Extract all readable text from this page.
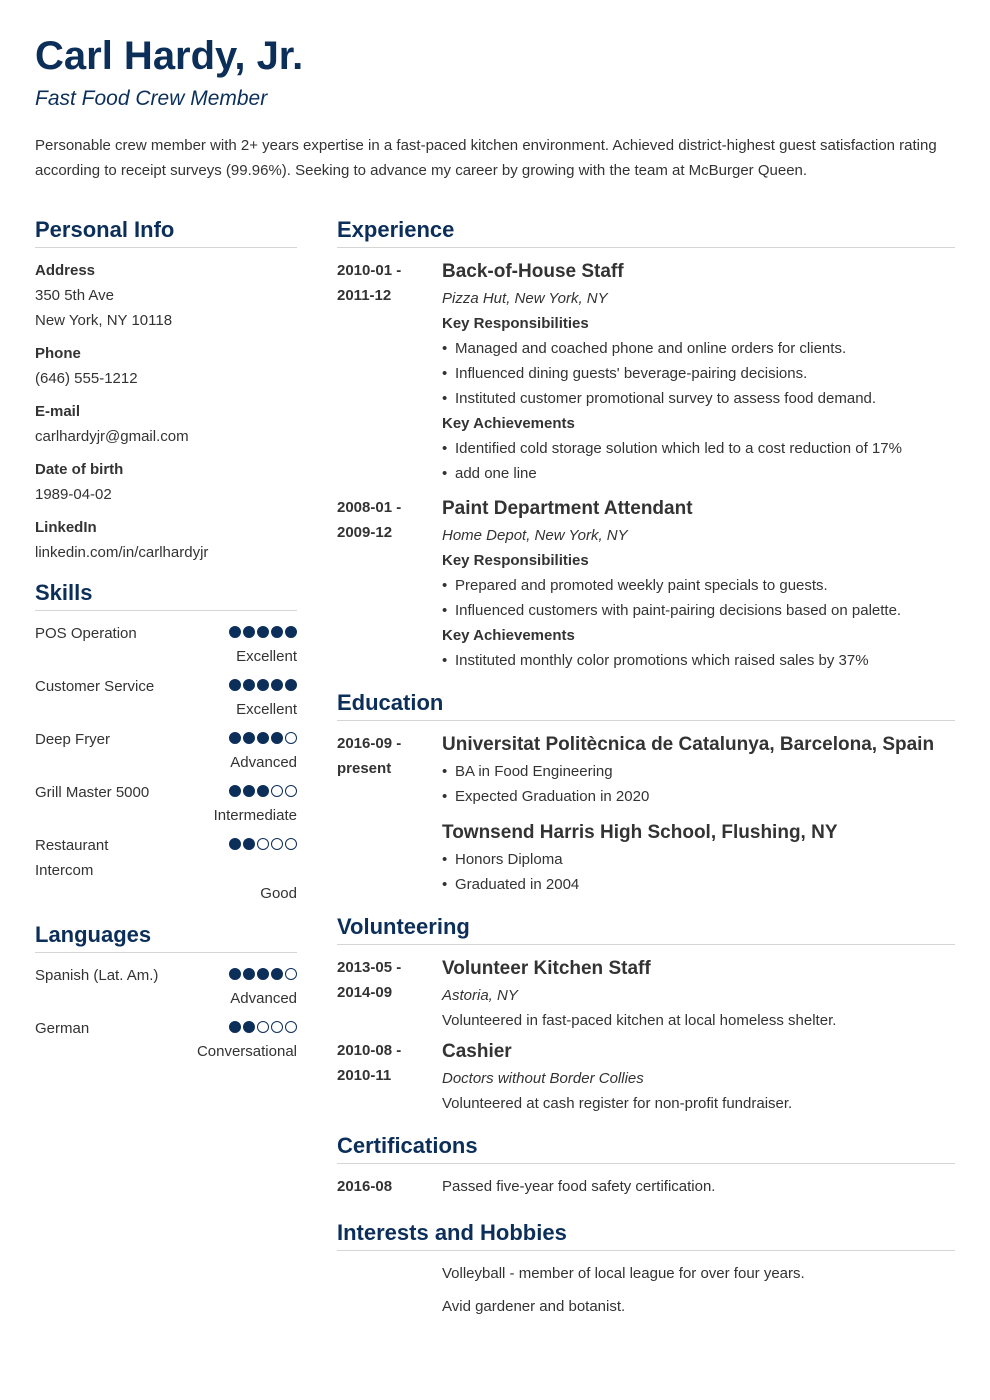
Carl Hardy, Jr.
Fast Food Crew Member

Personable crew member with 2+ years expertise in a fast-paced kitchen environment. Achieved district-highest guest satisfaction rating according to receipt surveys (99.96%). Seeking to advance my career by growing with the team at McBurger Queen.

Personal Info
Address
350 5th Ave
New York, NY 10118
Phone
(646) 555-1212
E-mail
carlhardyjr@gmail.com
Date of birth
1989-04-02
LinkedIn
linkedin.com/in/carlhardyjr
Skills
POS Operation
Excellent
Customer Service
Excellent
Deep Fryer
Advanced
Grill Master 5000
Intermediate
Restaurant Intercom
Good
Languages
Spanish (Lat. Am.)
Advanced
German
Conversational
Experience
2010-01 -
2011-12
Back-of-House Staff
Pizza Hut, New York, NY
Key Responsibilities
• Managed and coached phone and online orders for clients.
• Influenced dining guests' beverage-pairing decisions.
• Instituted customer promotional survey to assess food demand.
Key Achievements
• Identified cold storage solution which led to a cost reduction of 17%
• add one line
2008-01 -
2009-12
Paint Department Attendant
Home Depot, New York, NY
Key Responsibilities
• Prepared and promoted weekly paint specials to guests.
• Influenced customers with paint-pairing decisions based on palette.
Key Achievements
• Instituted monthly color promotions which raised sales by 37%
Education
2016-09 -
present
Universitat Politècnica de Catalunya, Barcelona, Spain
• BA in Food Engineering
• Expected Graduation in 2020
Townsend Harris High School, Flushing, NY
• Honors Diploma
• Graduated in 2004
Volunteering
2013-05 -
2014-09
Volunteer Kitchen Staff
Astoria, NY
Volunteered in fast-paced kitchen at local homeless shelter.
2010-08 -
2010-11
Cashier
Doctors without Border Collies
Volunteered at cash register for non-profit fundraiser.
Certifications
2016-08	Passed five-year food safety certification.
Interests and Hobbies
Volleyball - member of local league for over four years.
Avid gardener and botanist.
